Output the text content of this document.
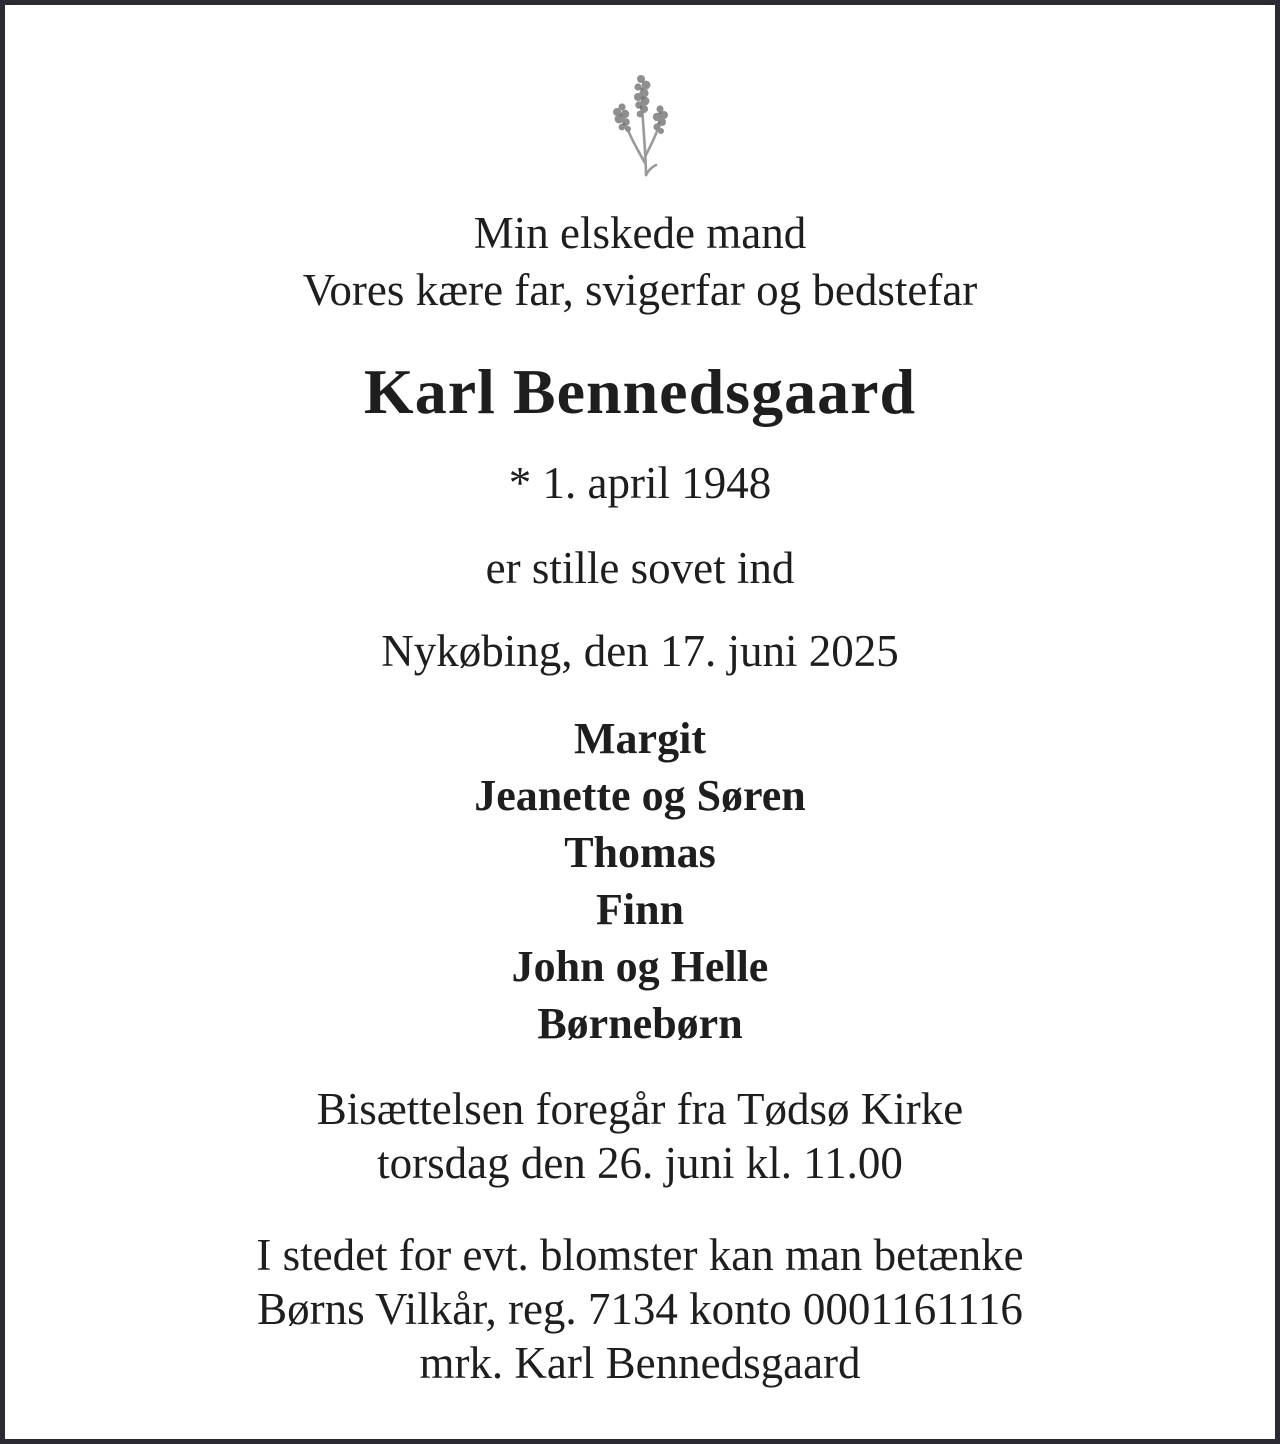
Min elskede mand
Vores kære far, svigerfar og bedstefar
Karl Bennedsgaard
* 1. april 1948
er stille sovet ind
Nykøbing, den 17. juni 2025
Margit
Jeanette og Søren
Thomas
Finn
John og Helle
Børnebørn
Bisættelsen foregår fra Tødsø Kirke
torsdag den 26. juni kl. 11.00
I stedet for evt. blomster kan man betænke
Børns Vilkår, reg. 7134 konto 0001161116
mrk. Karl Bennedsgaard
